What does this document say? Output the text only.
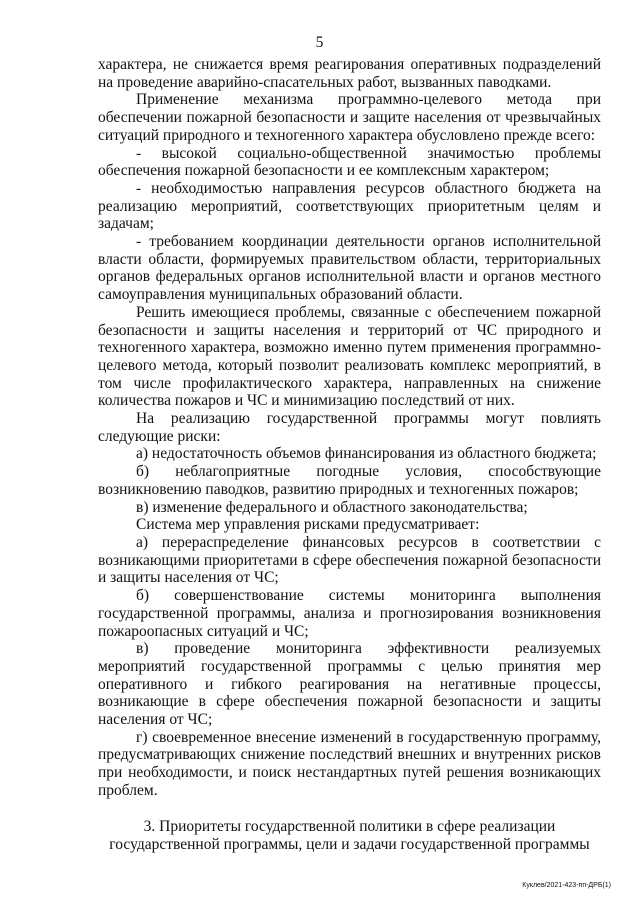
5

характера, не снижается время реагирования оперативных подразделений на проведение аварийно-спасательных работ, вызванных паводками.

Применение механизма программно-целевого метода при обеспечении пожарной безопасности и защите населения от чрезвычайных ситуаций природного и техногенного характера обусловлено прежде всего:

- высокой социально-общественной значимостью проблемы обеспечения пожарной безопасности и ее комплексным характером;

- необходимостью направления ресурсов областного бюджета на реализацию мероприятий, соответствующих приоритетным целям и задачам;

- требованием координации деятельности органов исполнительной власти области, формируемых правительством области, территориальных органов федеральных органов исполнительной власти и органов местного самоуправления муниципальных образований области.

Решить имеющиеся проблемы, связанные с обеспечением пожарной безопасности и защиты населения и территорий от ЧС природного и техногенного характера, возможно именно путем применения программно-целевого метода, который позволит реализовать комплекс мероприятий, в том числе профилактического характера, направленных на снижение количества пожаров и ЧС и минимизацию последствий от них.

На реализацию государственной программы могут повлиять следующие риски:

а) недостаточность объемов финансирования из областного бюджета;

б) неблагоприятные погодные условия, способствующие возникновению паводков, развитию природных и техногенных пожаров;

в) изменение федерального и областного законодательства;

Система мер управления рисками предусматривает:

а) перераспределение финансовых ресурсов в соответствии с возникающими приоритетами в сфере обеспечения пожарной безопасности и защиты населения от ЧС;

б) совершенствование системы мониторинга выполнения государственной программы, анализа и прогнозирования возникновения пожароопасных ситуаций и ЧС;

в) проведение мониторинга эффективности реализуемых мероприятий государственной программы с целью принятия мер оперативного и гибкого реагирования на негативные процессы, возникающие в сфере обеспечения пожарной безопасности и защиты населения от ЧС;

г) своевременное внесение изменений в государственную программу, предусматривающих снижение последствий внешних и внутренних рисков при необходимости, и поиск нестандартных путей решения возникающих проблем.

3. Приоритеты государственной политики в сфере реализации государственной программы, цели и задачи государственной программы

Куклев/2021-423-пп-ДРБ(1)
